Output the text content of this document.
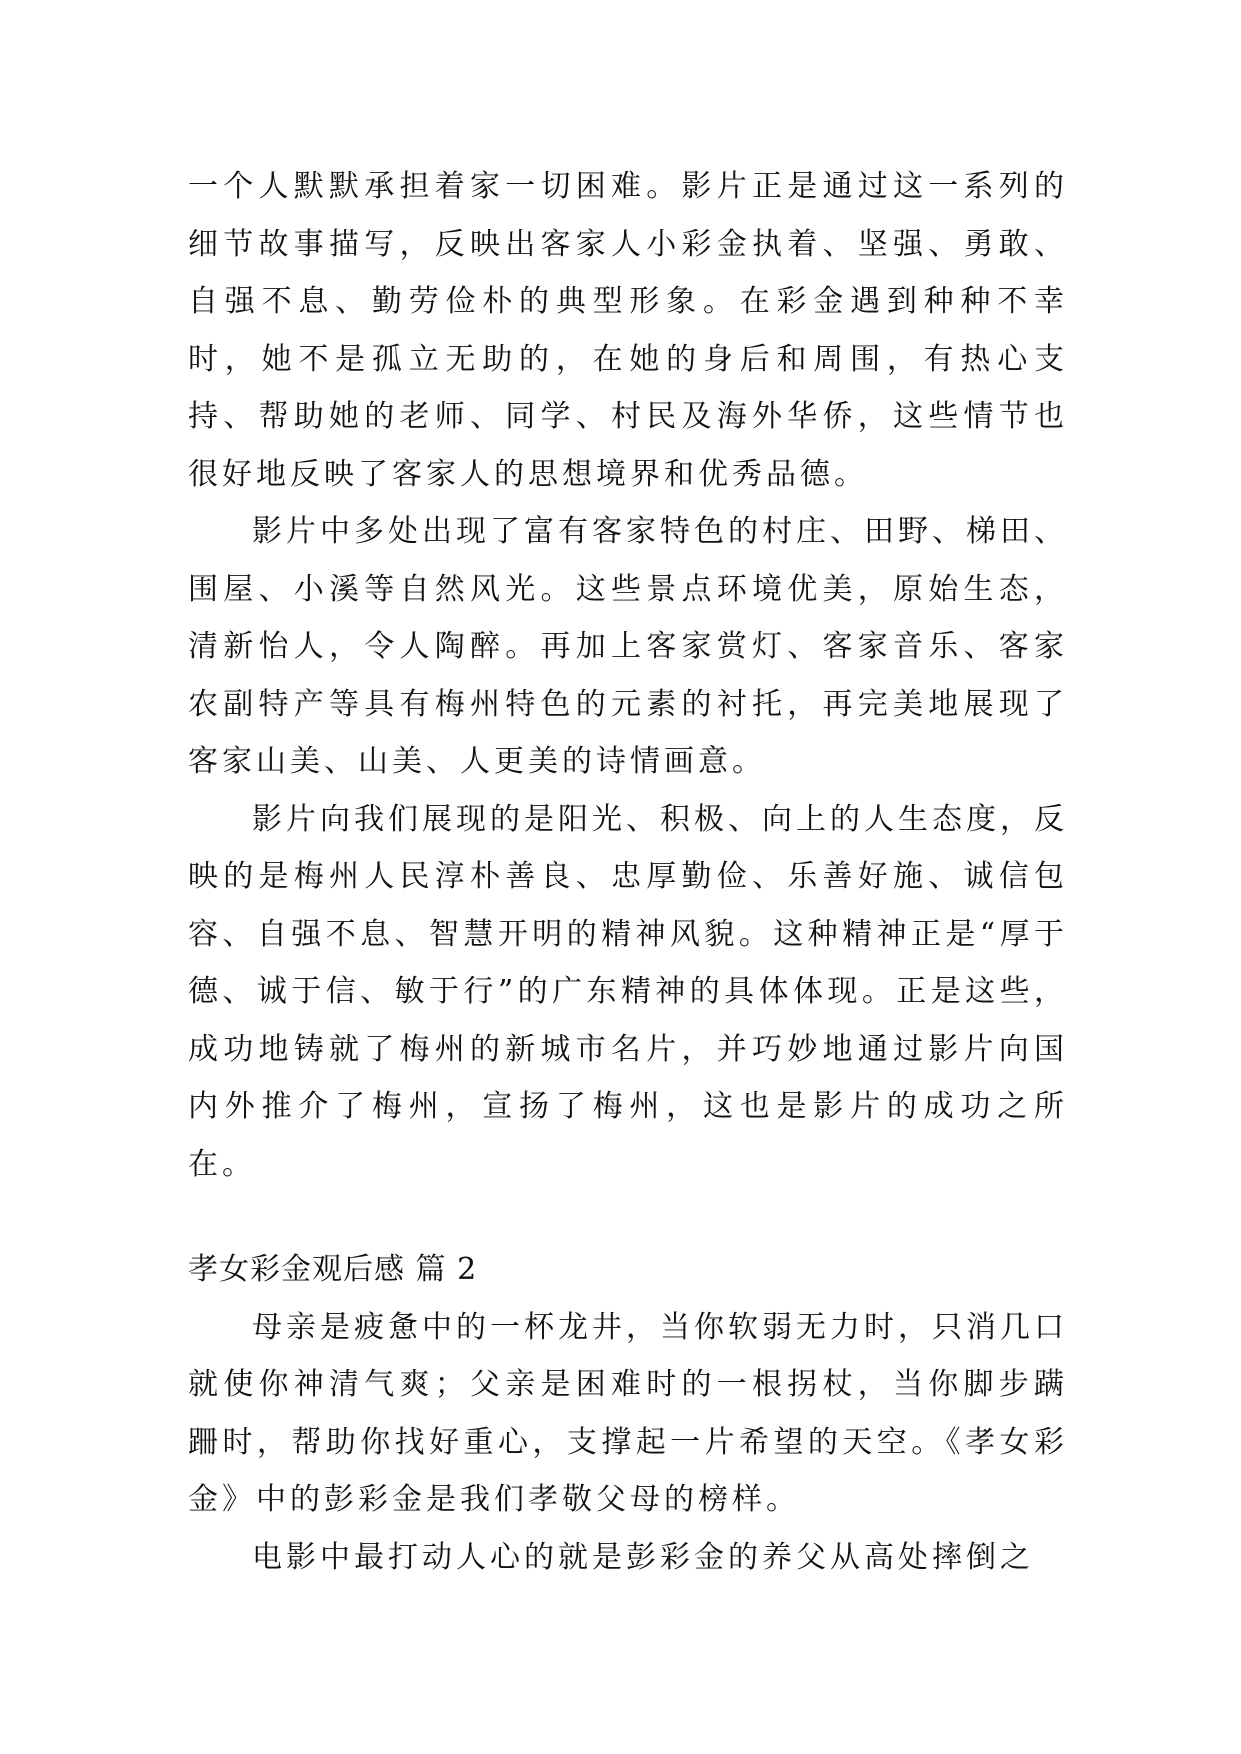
一个人默默承担着家一切困难。影片正是通过这一系列的细节故事描写，反映出客家人小彩金执着、坚强、勇敢、自强不息、勤劳俭朴的典型形象。在彩金遇到种种不幸时，她不是孤立无助的，在她的身后和周围，有热心支持、帮助她的老师、同学、村民及海外华侨，这些情节也很好地反映了客家人的思想境界和优秀品德。

影片中多处出现了富有客家特色的村庄、田野、梯田、围屋、小溪等自然风光。这些景点环境优美，原始生态，清新怡人，令人陶醉。再加上客家赏灯、客家音乐、客家农副特产等具有梅州特色的元素的衬托，再完美地展现了客家山美、山美、人更美的诗情画意。

影片向我们展现的是阳光、积极、向上的人生态度，反映的是梅州人民淳朴善良、忠厚勤俭、乐善好施、诚信包容、自强不息、智慧开明的精神风貌。这种精神正是“厚于德、诚于信、敏于行”的广东精神的具体体现。正是这些，成功地铸就了梅州的新城市名片，并巧妙地通过影片向国内外推介了梅州，宣扬了梅州，这也是影片的成功之所在。

孝女彩金观后感 篇 2

母亲是疲惫中的一杯龙井，当你软弱无力时，只消几口就使你神清气爽；父亲是困难时的一根拐杖，当你脚步蹒跚时，帮助你找好重心，支撑起一片希望的天空。《孝女彩金》中的彭彩金是我们孝敬父母的榜样。

电影中最打动人心的就是彭彩金的养父从高处摔倒之
